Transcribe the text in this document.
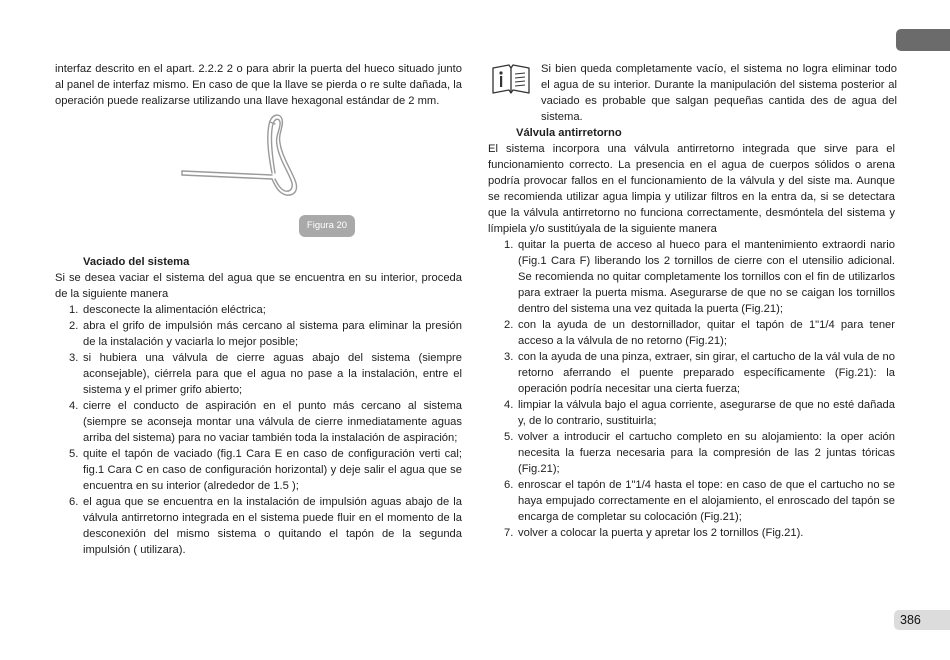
interfaz descrito en el apart. 2.2.2 2 o para abrir la puerta del hueco situado junto al panel de interfaz mismo. En caso de que la llave se pierda o re sulte dañada, la operación puede realizarse utilizando una llave hexagonal estándar de 2 mm.

Figura 20

Vaciado del sistema

Si se desea vaciar el sistema del agua que se encuentra en su interior, proceda de la siguiente manera

1. desconecte la alimentación eléctrica;
2. abra el grifo de impulsión más cercano al sistema para eliminar la presión de la instalación y vaciarla lo mejor posible;
3. si hubiera una válvula de cierre aguas abajo del sistema (siempre aconsejable), ciérrela para que el agua no pase a la instalación, entre el sistema y el primer grifo abierto;
4. cierre el conducto de aspiración en el punto más cercano al sistema (siempre se aconseja montar una válvula de cierre inmediatamente aguas arriba del sistema) para no vaciar también toda la instalación de aspiración;
5. quite el tapón de vaciado (fig.1 Cara E en caso de configuración verti cal; fig.1 Cara C en caso de configuración horizontal) y deje salir el agua que se encuentra en su interior (alrededor de 1.5 );
6. el agua que se encuentra en la instalación de impulsión aguas abajo de la válvula antirretorno integrada en el sistema puede fluir en el momento de la desconexión del mismo sistema o quitando el tapón de la segunda impulsión ( utilizara).

Si bien queda completamente vacío, el sistema no logra eliminar todo el agua de su interior. Durante la manipulación del sistema posterior al vaciado es probable que salgan pequeñas cantida des de agua del sistema.

Válvula antirretorno

El sistema incorpora una válvula antirretorno integrada que sirve para el funcionamiento correcto. La presencia en el agua de cuerpos sólidos o arena podría provocar fallos en el funcionamiento de la válvula y del siste ma. Aunque se recomienda utilizar agua limpia y utilizar filtros en la entra da, si se detectara que la válvula antirretorno no funciona correctamente, desmóntela del sistema y límpiela y/o sustitúyala de la siguiente manera

1. quitar la puerta de acceso al hueco para el mantenimiento extraordi nario (Fig.1 Cara F) liberando los 2 tornillos de cierre con el utensilio adicional. Se recomienda no quitar completamente los tornillos con el fin de utilizarlos para extraer la puerta misma. Asegurarse de que no se caigan los tornillos dentro del sistema una vez quitada la puerta (Fig.21);
2. con la ayuda de un destornillador, quitar el tapón de 1"1/4 para tener acceso a la válvula de no retorno (Fig.21);
3. con la ayuda de una pinza, extraer, sin girar, el cartucho de la vál vula de no retorno aferrando el puente preparado específicamente (Fig.21): la operación podría necesitar una cierta fuerza;
4. limpiar la válvula bajo el agua corriente, asegurarse de que no esté dañada y, de lo contrario, sustituirla;
5. volver a introducir el cartucho completo en su alojamiento: la oper ación necesita la fuerza necesaria para la compresión de las 2 juntas tóricas (Fig.21);
6. enroscar el tapón de 1"1/4 hasta el tope: en caso de que el cartucho no se haya empujado correctamente en el alojamiento, el enroscado del tapón se encarga de completar su colocación (Fig.21);
7. volver a colocar la puerta y apretar los 2 tornillos (Fig.21).
386
